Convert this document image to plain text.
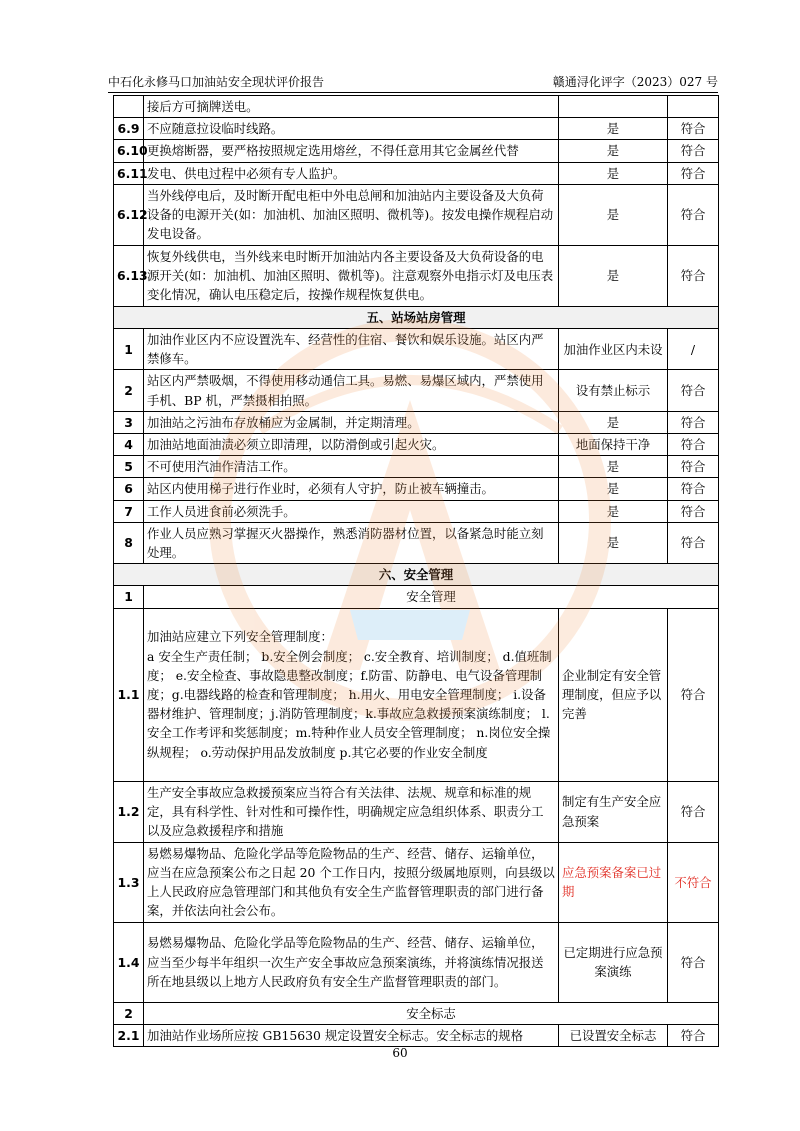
中石化永修马口加油站安全现状评价报告	赣通浔化评字（2023）027 号
	接后方可摘牌送电。		
6.9	不应随意拉设临时线路。	是	符合
6.10	更换熔断器，要严格按照规定选用熔丝，不得任意用其它金属丝代替	是	符合
6.11	发电、供电过程中必须有专人监护。	是	符合
6.12	当外线停电后，及时断开配电柜中外电总闸和加油站内主要设备及大负荷设备的电源开关(如：加油机、加油区照明、微机等)。按发电操作规程启动发电设备。	是	符合
6.13	恢复外线供电，当外线来电时断开加油站内各主要设备及大负荷设备的电源开关(如：加油机、加油区照明、微机等)。注意观察外电指示灯及电压表变化情况，确认电压稳定后，按操作规程恢复供电。	是	符合
五、站场站房管理			
1	加油作业区内不应设置洗车、经营性的住宿、餐饮和娱乐设施。站区内严禁修车。	加油作业区内未设	/
2	站区内严禁吸烟，不得使用移动通信工具。易燃、易爆区域内，严禁使用手机、BP 机，严禁摄相拍照。	设有禁止标示	符合
3	加油站之污油布存放桶应为金属制，并定期清理。	是	符合
4	加油站地面油渍必须立即清理，以防滑倒或引起火灾。	地面保持干净	符合
5	不可使用汽油作清洁工作。	是	符合
6	站区内使用梯子进行作业时，必须有人守护，防止被车辆撞击。	是	符合
7	工作人员进食前必须洗手。	是	符合
8	作业人员应熟习掌握灭火器操作，熟悉消防器材位置，以备紧急时能立刻处理。	是	符合
六、安全管理			
1	安全管理		
1.1	加油站应建立下列安全管理制度：
a 安全生产责任制； b.安全例会制度； c.安全教育、培训制度； d.值班制度； e.安全检查、事故隐患整改制度；f.防雷、防静电、电气设备管理制度；g.电器线路的检查和管理制度； h.用火、用电安全管理制度； i.设备器材维护、管理制度；j.消防管理制度；k.事故应急救援预案演练制度； l.安全工作考评和奖惩制度；m.特种作业人员安全管理制度； n.岗位安全操纵规程； o.劳动保护用品发放制度 p.其它必要的作业安全制度	企业制定有安全管理制度，但应予以完善	符合
1.2	生产安全事故应急救援预案应当符合有关法律、法规、规章和标准的规定，具有科学性、针对性和可操作性，明确规定应急组织体系、职责分工以及应急救援程序和措施	制定有生产安全应急预案	符合
1.3	易燃易爆物品、危险化学品等危险物品的生产、经营、储存、运输单位，应当在应急预案公布之日起 20 个工作日内，按照分级属地原则，向县级以上人民政府应急管理部门和其他负有安全生产监督管理职责的部门进行备案，并依法向社会公布。	应急预案备案已过期	不符合
1.4	易燃易爆物品、危险化学品等危险物品的生产、经营、储存、运输单位，应当至少每半年组织一次生产安全事故应急预案演练，并将演练情况报送所在地县级以上地方人民政府负有安全生产监督管理职责的部门。	已定期进行应急预案演练	符合
2	安全标志		
2.1	加油站作业场所应按 GB15630 规定设置安全标志。安全标志的规格	已设置安全标志	符合
60
